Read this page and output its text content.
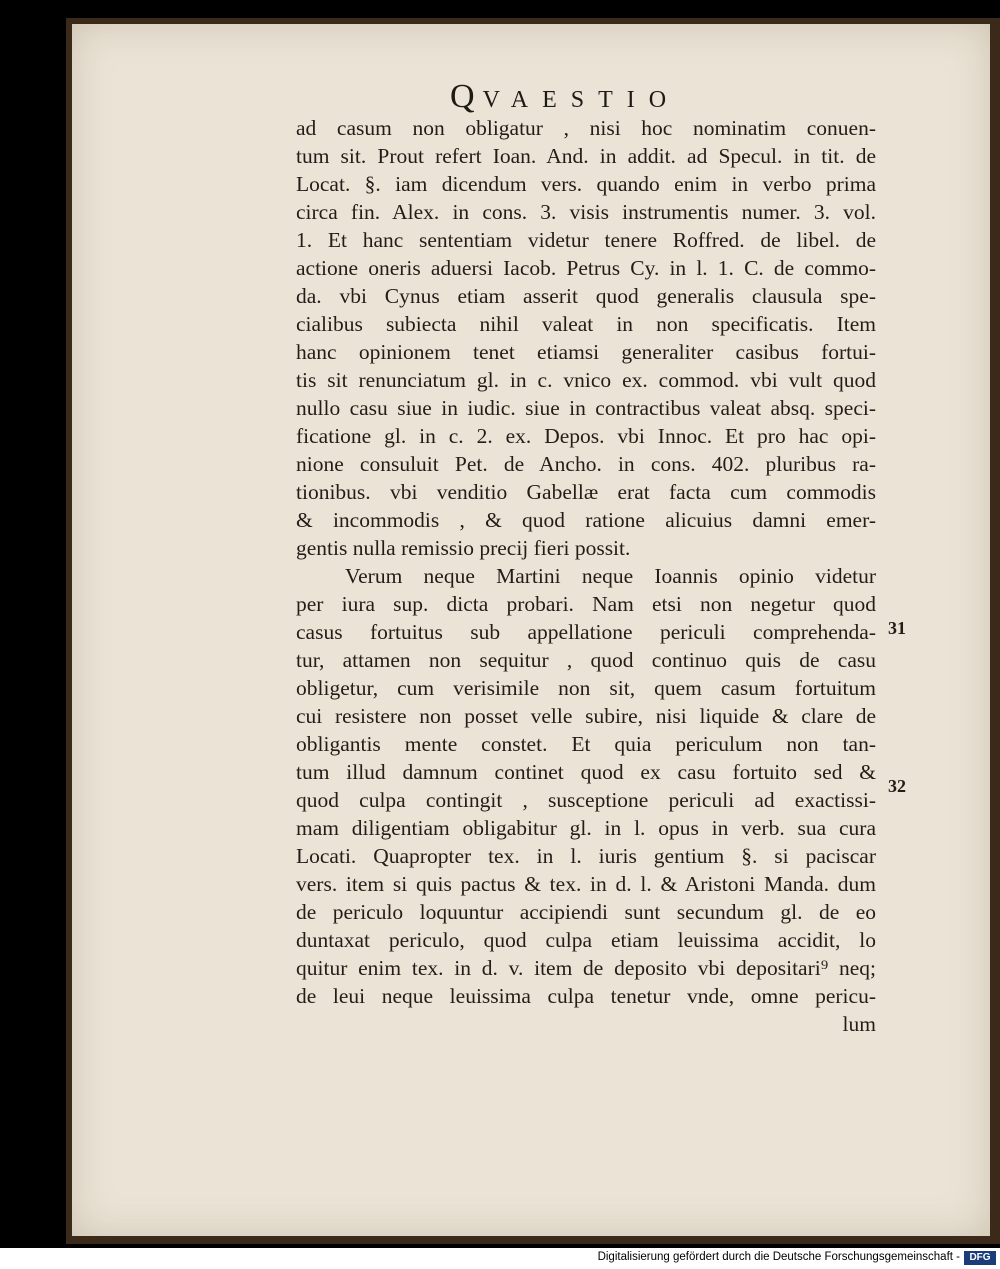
QVAESTIO
ad casum non obligatur , nisi hoc nominatim conuen-
tum sit. Prout refert Ioan. And. in addit. ad Specul. in tit. de
Locat. §. iam dicendum vers. quando enim in verbo prima
circa fin. Alex. in cons. 3. visis instrumentis numer. 3. vol.
1. Et hanc sententiam videtur tenere Roffred. de libel. de
actione oneris aduersi Iacob. Petrus Cy. in l. 1. C. de commo-
da. vbi Cynus etiam asserit quod generalis clausula spe-
cialibus subiecta nihil valeat in non specificatis. Item
hanc opinionem tenet etiamsi generaliter casibus fortui-
tis sit renunciatum gl. in c. vnico ex. commod. vbi vult quod
nullo casu siue in iudic. siue in contractibus valeat absq. speci-
ficatione gl. in c. 2. ex. Depos. vbi Innoc. Et pro hac opi-
nione consuluit Pet. de Ancho. in cons. 402. pluribus ra-
tionibus. vbi venditio Gabellæ erat facta cum commodis
& incommodis , & quod ratione alicuius damni emer-
gentis nulla remissio precij fieri possit.
Verum neque Martini neque Ioannis opinio videtur
per iura sup. dicta probari. Nam etsi non negetur quod
casus fortuitus sub appellatione periculi comprehenda-
tur, attamen non sequitur , quod continuo quis de casu
obligetur, cum verisimile non sit, quem casum fortuitum
cui resistere non posset velle subire, nisi liquide & clare de
obligantis mente constet. Et quia periculum non tan-
tum illud damnum continet quod ex casu fortuito sed &
quod culpa contingit , susceptione periculi ad exactissi-
mam diligentiam obligabitur gl. in l. opus in verb. sua cura
Locati. Quapropter tex. in l. iuris gentium §. si paciscar
vers. item si quis pactus & tex. in d. l. & Aristoni Manda. dum
de periculo loquuntur accipiendi sunt secundum gl. de eo
duntaxat periculo, quod culpa etiam leuissima accidit, lo
quitur enim tex. in d. v. item de deposito vbi depositari⁹ neq;
de leui neque leuissima culpa tenetur vnde, omne pericu-
lum
31
32
Digitalisierung gefördert durch die Deutsche Forschungsgemeinschaft - DFG
